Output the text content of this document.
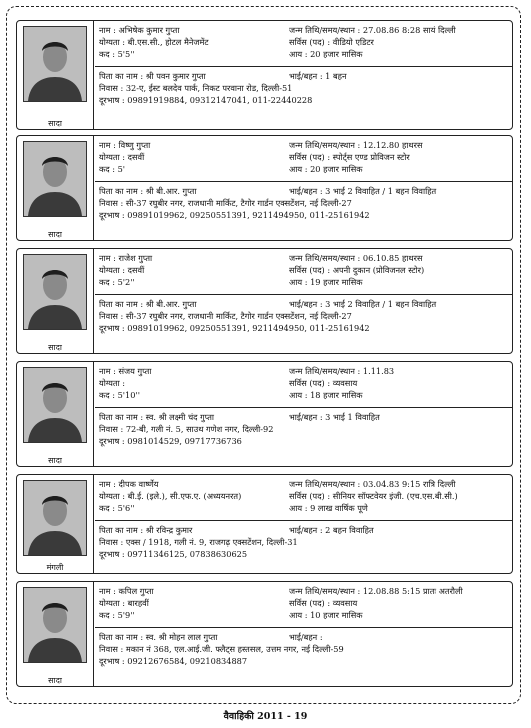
सादा
नाम : अभिषेक कुमार गुप्ता	जन्म तिथि/समय/स्थान : 27.08.86 8:28 सायं दिल्ली
योग्यता : बी.एस.सी., होटल मैनेजमेंट	सर्विस (पद) : वीडियो एडिटर
कद : 5'5''	आय : 20 हजार मासिक
पिता का नाम : श्री पवन कुमार गुप्ता	भाई/बहन : 1 बहन
निवास : 32-ए, ईस्ट बलदेव पार्क, निकट परवाना रोड, दिल्ली-51
दूरभाष : 09891919884, 09312147041, 011-22440228
सादा
नाम : विष्णु गुप्ता	जन्म तिथि/समय/स्थान : 12.12.80 हाथरस
योग्यता : दसवीं	सर्विस (पद) : स्पोर्ट्स एण्ड प्रोविजन स्टोर
कद : 5'	आय : 20 हजार मासिक
पिता का नाम : श्री बी.आर. गुप्ता	भाई/बहन : 3 भाई 2 विवाहित / 1 बहन विवाहित
निवास : सी-37 रघुबीर नगर, राजधानी मार्किट, टैगोर गार्डन एक्सटेंशन, नई दिल्ली-27
दूरभाष : 09891019962, 09250551391, 9211494950, 011-25161942
सादा
नाम : राजेश गुप्ता	जन्म तिथि/समय/स्थान : 06.10.85 हाथरस
योग्यता : दसवीं	सर्विस (पद) : अपनी दुकान (प्रोविजनल स्टोर)
कद : 5'2''	आय : 19 हजार मासिक
पिता का नाम : श्री बी.आर. गुप्ता	भाई/बहन : 3 भाई 2 विवाहित / 1 बहन विवाहित
निवास : सी-37 रघुबीर नगर, राजधानी मार्किट, टैगोर गार्डन एक्सटेंशन, नई दिल्ली-27
दूरभाष : 09891019962, 09250551391, 9211494950, 011-25161942
सादा
नाम : संजय गुप्ता	जन्म तिथि/समय/स्थान : 1.11.83
योग्यता :	सर्विस (पद) : व्यवसाय
कद : 5'10''	आय : 18 हजार मासिक
पिता का नाम : स्व. श्री लक्ष्मी चंद गुप्ता	भाई/बहन : 3 भाई 1 विवाहित
निवास : 72-बी, गली नं. 5, साउथ गणेश नगर, दिल्ली-92
दूरभाष : 0981014529, 09717736736
मंगली
नाम : दीपक वार्ष्णेय	जन्म तिथि/समय/स्थान : 03.04.83 9:15 रात्रि दिल्ली
योग्यता : बी.ई. (इले.), सी.एफ.ए. (अध्ययनरत)	सर्विस (पद) : सीनियर सॉफ्टवेयर इंजी. (एच.एस.बी.सी.)
कद : 5'6''	आय : 9 लाख वार्षिक पूणे
पिता का नाम : श्री रविन्द्र कुमार	भाई/बहन : 2 बहन विवाहित
निवास : एक्स / 1918, गली नं. 9, राजगढ़ एक्सटेंशन, दिल्ली-31
दूरभाष : 09711346125, 07838630625
सादा
नाम : कपिल गुप्ता	जन्म तिथि/समय/स्थान : 12.08.88 5:15 प्रातः अतरौली
योग्यता : बारहवीं	सर्विस (पद) : व्यवसाय
कद : 5'9''	आय : 10 हजार मासिक
पिता का नाम : स्व. श्री मोहन लाल गुप्ता	भाई/बहन :
निवास : मकान नं 368, एल.आई.जी. फ्लैट्स हस्तसल, उत्तम नगर, नई दिल्ली-59
दूरभाष : 09212676584, 09210834887
वैवाहिकी 2011 - 19
